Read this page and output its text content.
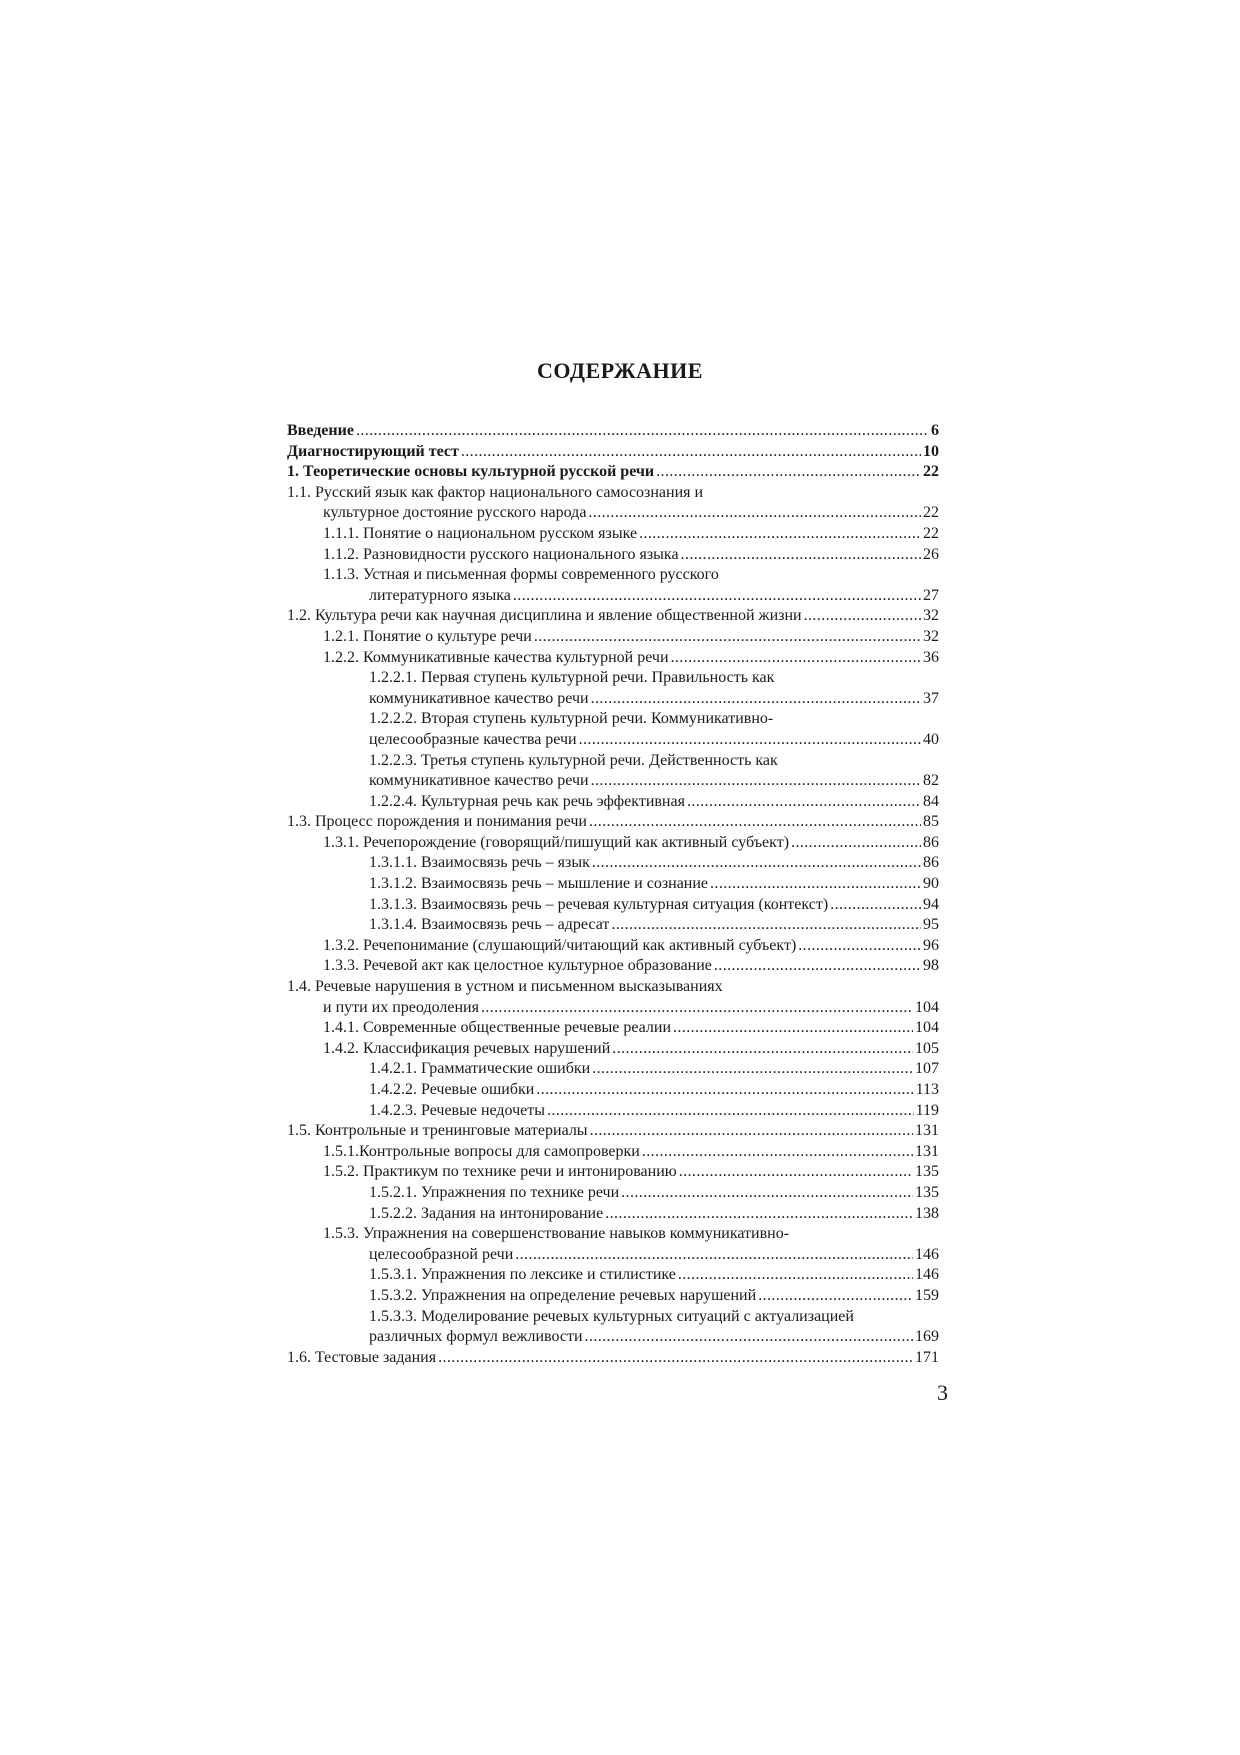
СОДЕРЖАНИЕ
Введение .....	6
Диагностирующий тест .....	10
1. Теоретические основы культурной русской речи .....	22
1.1. Русский язык как фактор национального самосознания и
культурное достояние русского народа .....	22
1.1.1. Понятие о национальном русском языке .....	22
1.1.2. Разновидности русского национального языка .....	26
1.1.3. Устная и письменная формы современного русского
литературного языка .....	27
1.2. Культура речи как научная дисциплина и явление общественной жизни .....	32
1.2.1. Понятие о культуре речи .....	32
1.2.2. Коммуникативные качества культурной речи .....	36
1.2.2.1. Первая ступень культурной речи. Правильность как
коммуникативное качество речи .....	37
1.2.2.2. Вторая ступень культурной речи. Коммуникативно-
целесообразные качества речи .....	40
1.2.2.3. Третья ступень культурной речи. Действенность как
коммуникативное качество речи .....	82
1.2.2.4. Культурная речь как речь эффективная .....	84
1.3. Процесс порождения и понимания речи .....	85
1.3.1. Речепорождение (говорящий/пишущий как активный субъект) .....	86
1.3.1.1. Взаимосвязь речь – язык .....	86
1.3.1.2. Взаимосвязь речь – мышление и сознание .....	90
1.3.1.3. Взаимосвязь речь – речевая культурная ситуация (контекст) .....	94
1.3.1.4. Взаимосвязь речь – адресат .....	95
1.3.2. Речепонимание (слушающий/читающий как активный субъект) .....	96
1.3.3. Речевой акт как целостное культурное образование .....	98
1.4. Речевые нарушения в устном и письменном высказываниях
и пути их преодоления .....	104
1.4.1. Современные общественные речевые реалии .....	104
1.4.2. Классификация речевых нарушений .....	105
1.4.2.1. Грамматические ошибки .....	107
1.4.2.2. Речевые ошибки .....	113
1.4.2.3. Речевые недочеты .....	119
1.5. Контрольные и тренинговые материалы .....	131
1.5.1.Контрольные вопросы для самопроверки .....	131
1.5.2. Практикум по технике речи и интонированию .....	135
1.5.2.1. Упражнения по технике речи .....	135
1.5.2.2. Задания на интонирование .....	138
1.5.3. Упражнения на совершенствование навыков коммуникативно-
целесообразной речи .....	146
1.5.3.1. Упражнения по лексике и стилистике .....	146
1.5.3.2. Упражнения на определение речевых нарушений .....	159
1.5.3.3. Моделирование речевых культурных ситуаций с актуализацией
различных формул вежливости .....	169
1.6. Тестовые задания .....	171
3
